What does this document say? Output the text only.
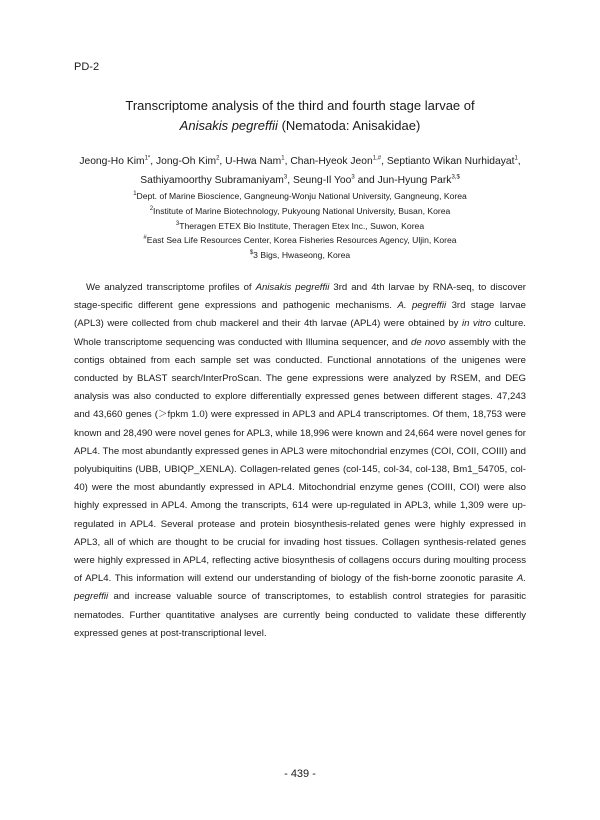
PD-2
Transcriptome analysis of the third and fourth stage larvae of
Anisakis pegreffii (Nematoda: Anisakidae)
Jeong-Ho Kim$^{1*}$, Jong-Oh Kim$^2$, U-Hwa Nam$^1$, Chan-Hyeok Jeon$^{1,\#}$, Septianto Wikan Nurhidayat$^1$,
Sathiyamoorthy Subramaniyam$^3$, Seung-Il Yoo$^3$ and Jun-Hyung Park$^{3,\$}$
$^1$Dept. of Marine Bioscience, Gangneung-Wonju National University, Gangneung, Korea
$^2$Institute of Marine Biotechnology, Pukyoung National University, Busan, Korea
$^3$Theragen ETEX Bio Institute, Theragen Etex Inc., Suwon, Korea
#East Sea Life Resources Center, Korea Fisheries Resources Agency, Uljin, Korea
$3 Bigs, Hwaseong, Korea
We analyzed transcriptome profiles of Anisakis pegreffii 3rd and 4th larvae by RNA-seq, to discover stage-specific different gene expressions and pathogenic mechanisms. A. pegreffii 3rd stage larvae (APL3) were collected from chub mackerel and their 4th larvae (APL4) were obtained by in vitro culture. Whole transcriptome sequencing was conducted with Illumina sequencer, and de novo assembly with the contigs obtained from each sample set was conducted. Functional annotations of the unigenes were conducted by BLAST search/InterProScan. The gene expressions were analyzed by RSEM, and DEG analysis was also conducted to explore differentially expressed genes between different stages. 47,243 and 43,660 genes (＞fpkm 1.0) were expressed in APL3 and APL4 transcriptomes. Of them, 18,753 were known and 28,490 were novel genes for APL3, while 18,996 were known and 24,664 were novel genes for APL4. The most abundantly expressed genes in APL3 were mitochondrial enzymes (COI, COII, COIII) and polyubiquitins (UBB, UBIQP_XENLA). Collagen-related genes (col-145, col-34, col-138, Bm1_54705, col-40) were the most abundantly expressed in APL4. Mitochondrial enzyme genes (COIII, COI) were also highly expressed in APL4. Among the transcripts, 614 were up-regulated in APL3, while 1,309 were up-regulated in APL4. Several protease and protein biosynthesis-related genes were highly expressed in APL3, all of which are thought to be crucial for invading host tissues. Collagen synthesis-related genes were highly expressed in APL4, reflecting active biosynthesis of collagens occurs during moulting process of APL4. This information will extend our understanding of biology of the fish-borne zoonotic parasite A. pegreffii and increase valuable source of transcriptomes, to establish control strategies for parasitic nematodes. Further quantitative analyses are currently being conducted to validate these differently expressed genes at post-transcriptional level.
- 439 -
